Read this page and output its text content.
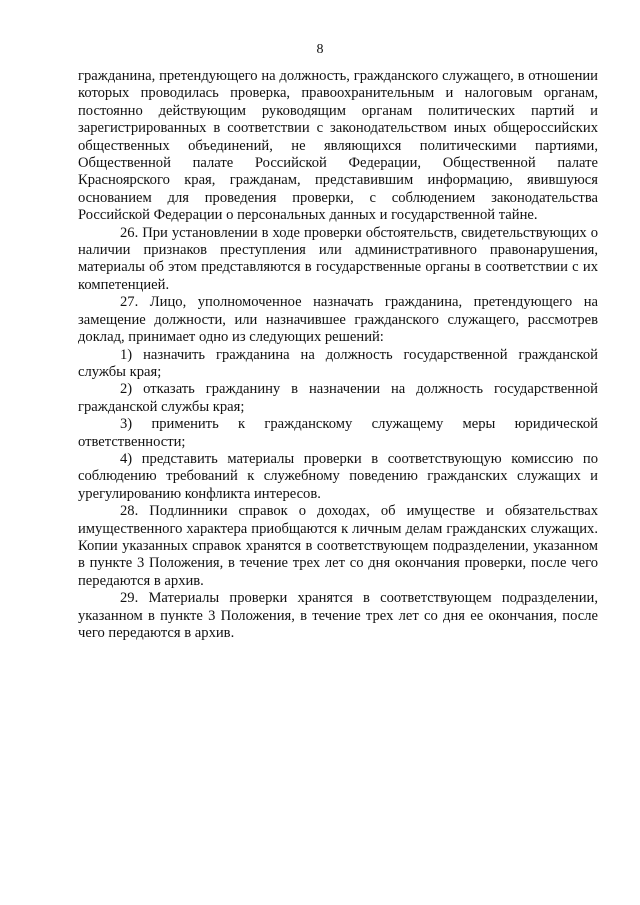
8

гражданина, претендующего на должность, гражданского служащего, в отношении которых проводилась проверка, правоохранительным и налоговым органам, постоянно действующим руководящим органам политических партий и зарегистрированных в соответствии с законодательством иных общероссийских общественных объединений, не являющихся политическими партиями, Общественной палате Российской Федерации, Общественной палате Красноярского края, гражданам, представившим информацию, явившуюся основанием для проведения проверки, с соблюдением законодательства Российской Федерации о персональных данных и государственной тайне.

26. При установлении в ходе проверки обстоятельств, свидетельствующих о наличии признаков преступления или административного правонарушения, материалы об этом представляются в государственные органы в соответствии с их компетенцией.

27. Лицо, уполномоченное назначать гражданина, претендующего на замещение должности, или назначившее гражданского служащего, рассмотрев доклад, принимает одно из следующих решений:

1) назначить гражданина на должность государственной гражданской службы края;

2) отказать гражданину в назначении на должность государственной гражданской службы края;

3) применить к гражданскому служащему меры юридической ответственности;

4) представить материалы проверки в соответствующую комиссию по соблюдению требований к служебному поведению гражданских служащих и урегулированию конфликта интересов.

28. Подлинники справок о доходах, об имуществе и обязательствах имущественного характера приобщаются к личным делам гражданских служащих. Копии указанных справок хранятся в соответствующем подразделении, указанном в пункте 3 Положения, в течение трех лет со дня окончания проверки, после чего передаются в архив.

29. Материалы проверки хранятся в соответствующем подразделении, указанном в пункте 3 Положения, в течение трех лет со дня ее окончания, после чего передаются в архив.
